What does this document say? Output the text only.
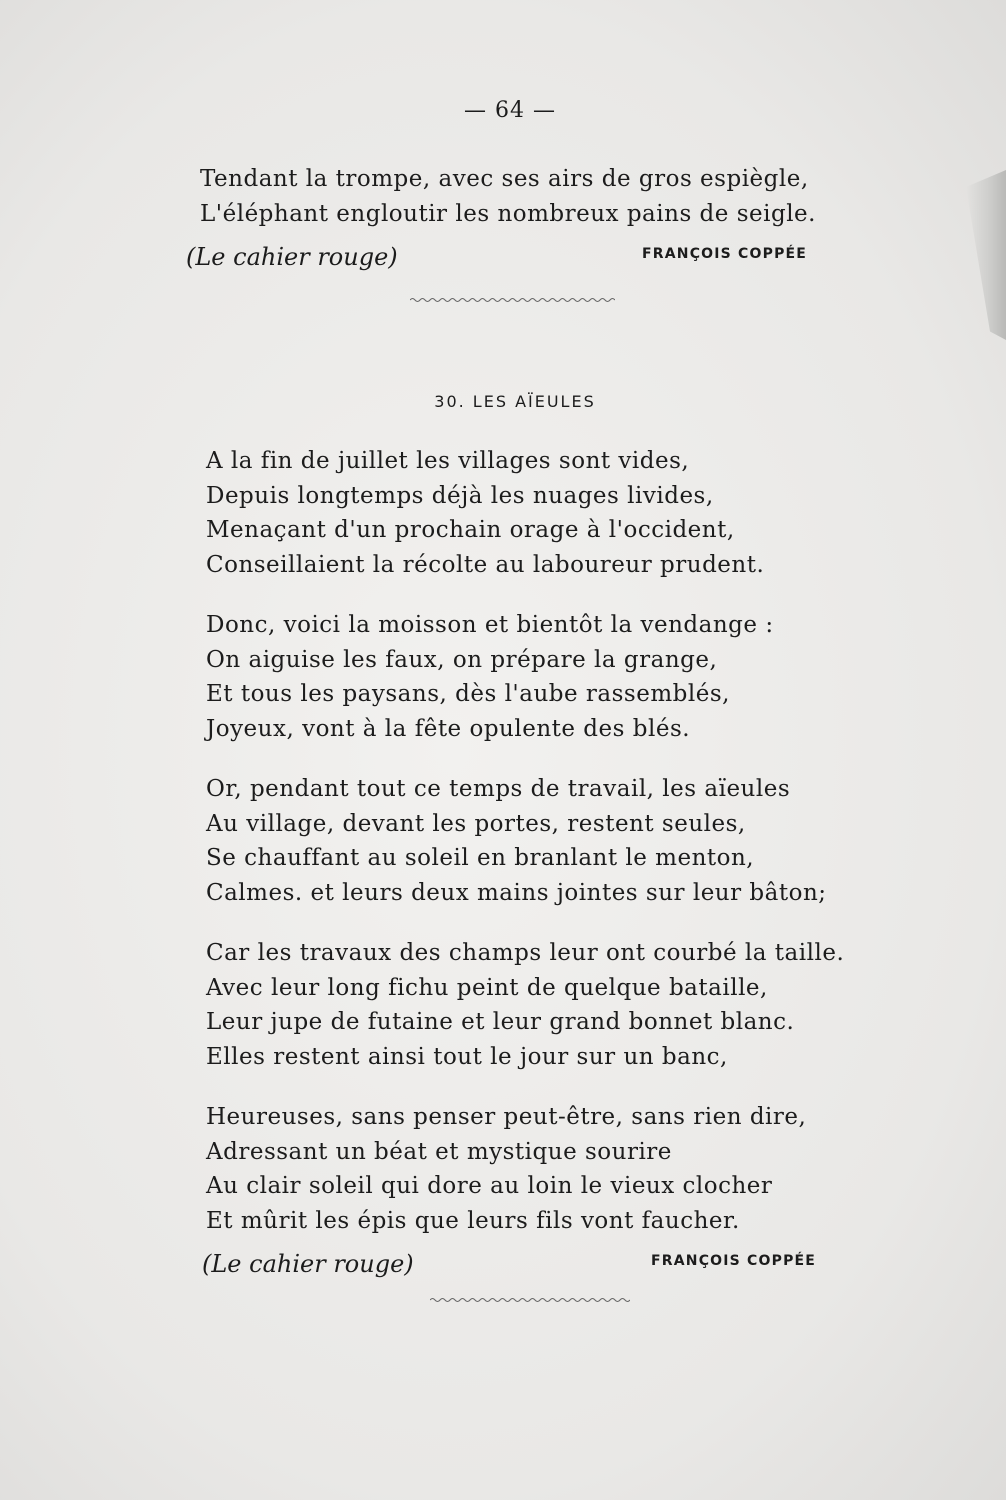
— 64 —
Tendant la trompe, avec ses airs de gros espiègle,
L'éléphant engloutir les nombreux pains de seigle.
(Le cahier rouge)	FRANÇOIS COPPÉE
30. LES AÏEULES
A la fin de juillet les villages sont vides,
Depuis longtemps déjà les nuages livides,
Menaçant d'un prochain orage à l'occident,
Conseillaient la récolte au laboureur prudent.
Donc, voici la moisson et bientôt la vendange :
On aiguise les faux, on prépare la grange,
Et tous les paysans, dès l'aube rassemblés,
Joyeux, vont à la fête opulente des blés.
Or, pendant tout ce temps de travail, les aïeules
Au village, devant les portes, restent seules,
Se chauffant au soleil en branlant le menton,
Calmes. et leurs deux mains jointes sur leur bâton;
Car les travaux des champs leur ont courbé la taille.
Avec leur long fichu peint de quelque bataille,
Leur jupe de futaine et leur grand bonnet blanc.
Elles restent ainsi tout le jour sur un banc,
Heureuses, sans penser peut-être, sans rien dire,
Adressant un béat et mystique sourire
Au clair soleil qui dore au loin le vieux clocher
Et mûrit les épis que leurs fils vont faucher.
(Le cahier rouge)	FRANÇOIS COPPÉE
